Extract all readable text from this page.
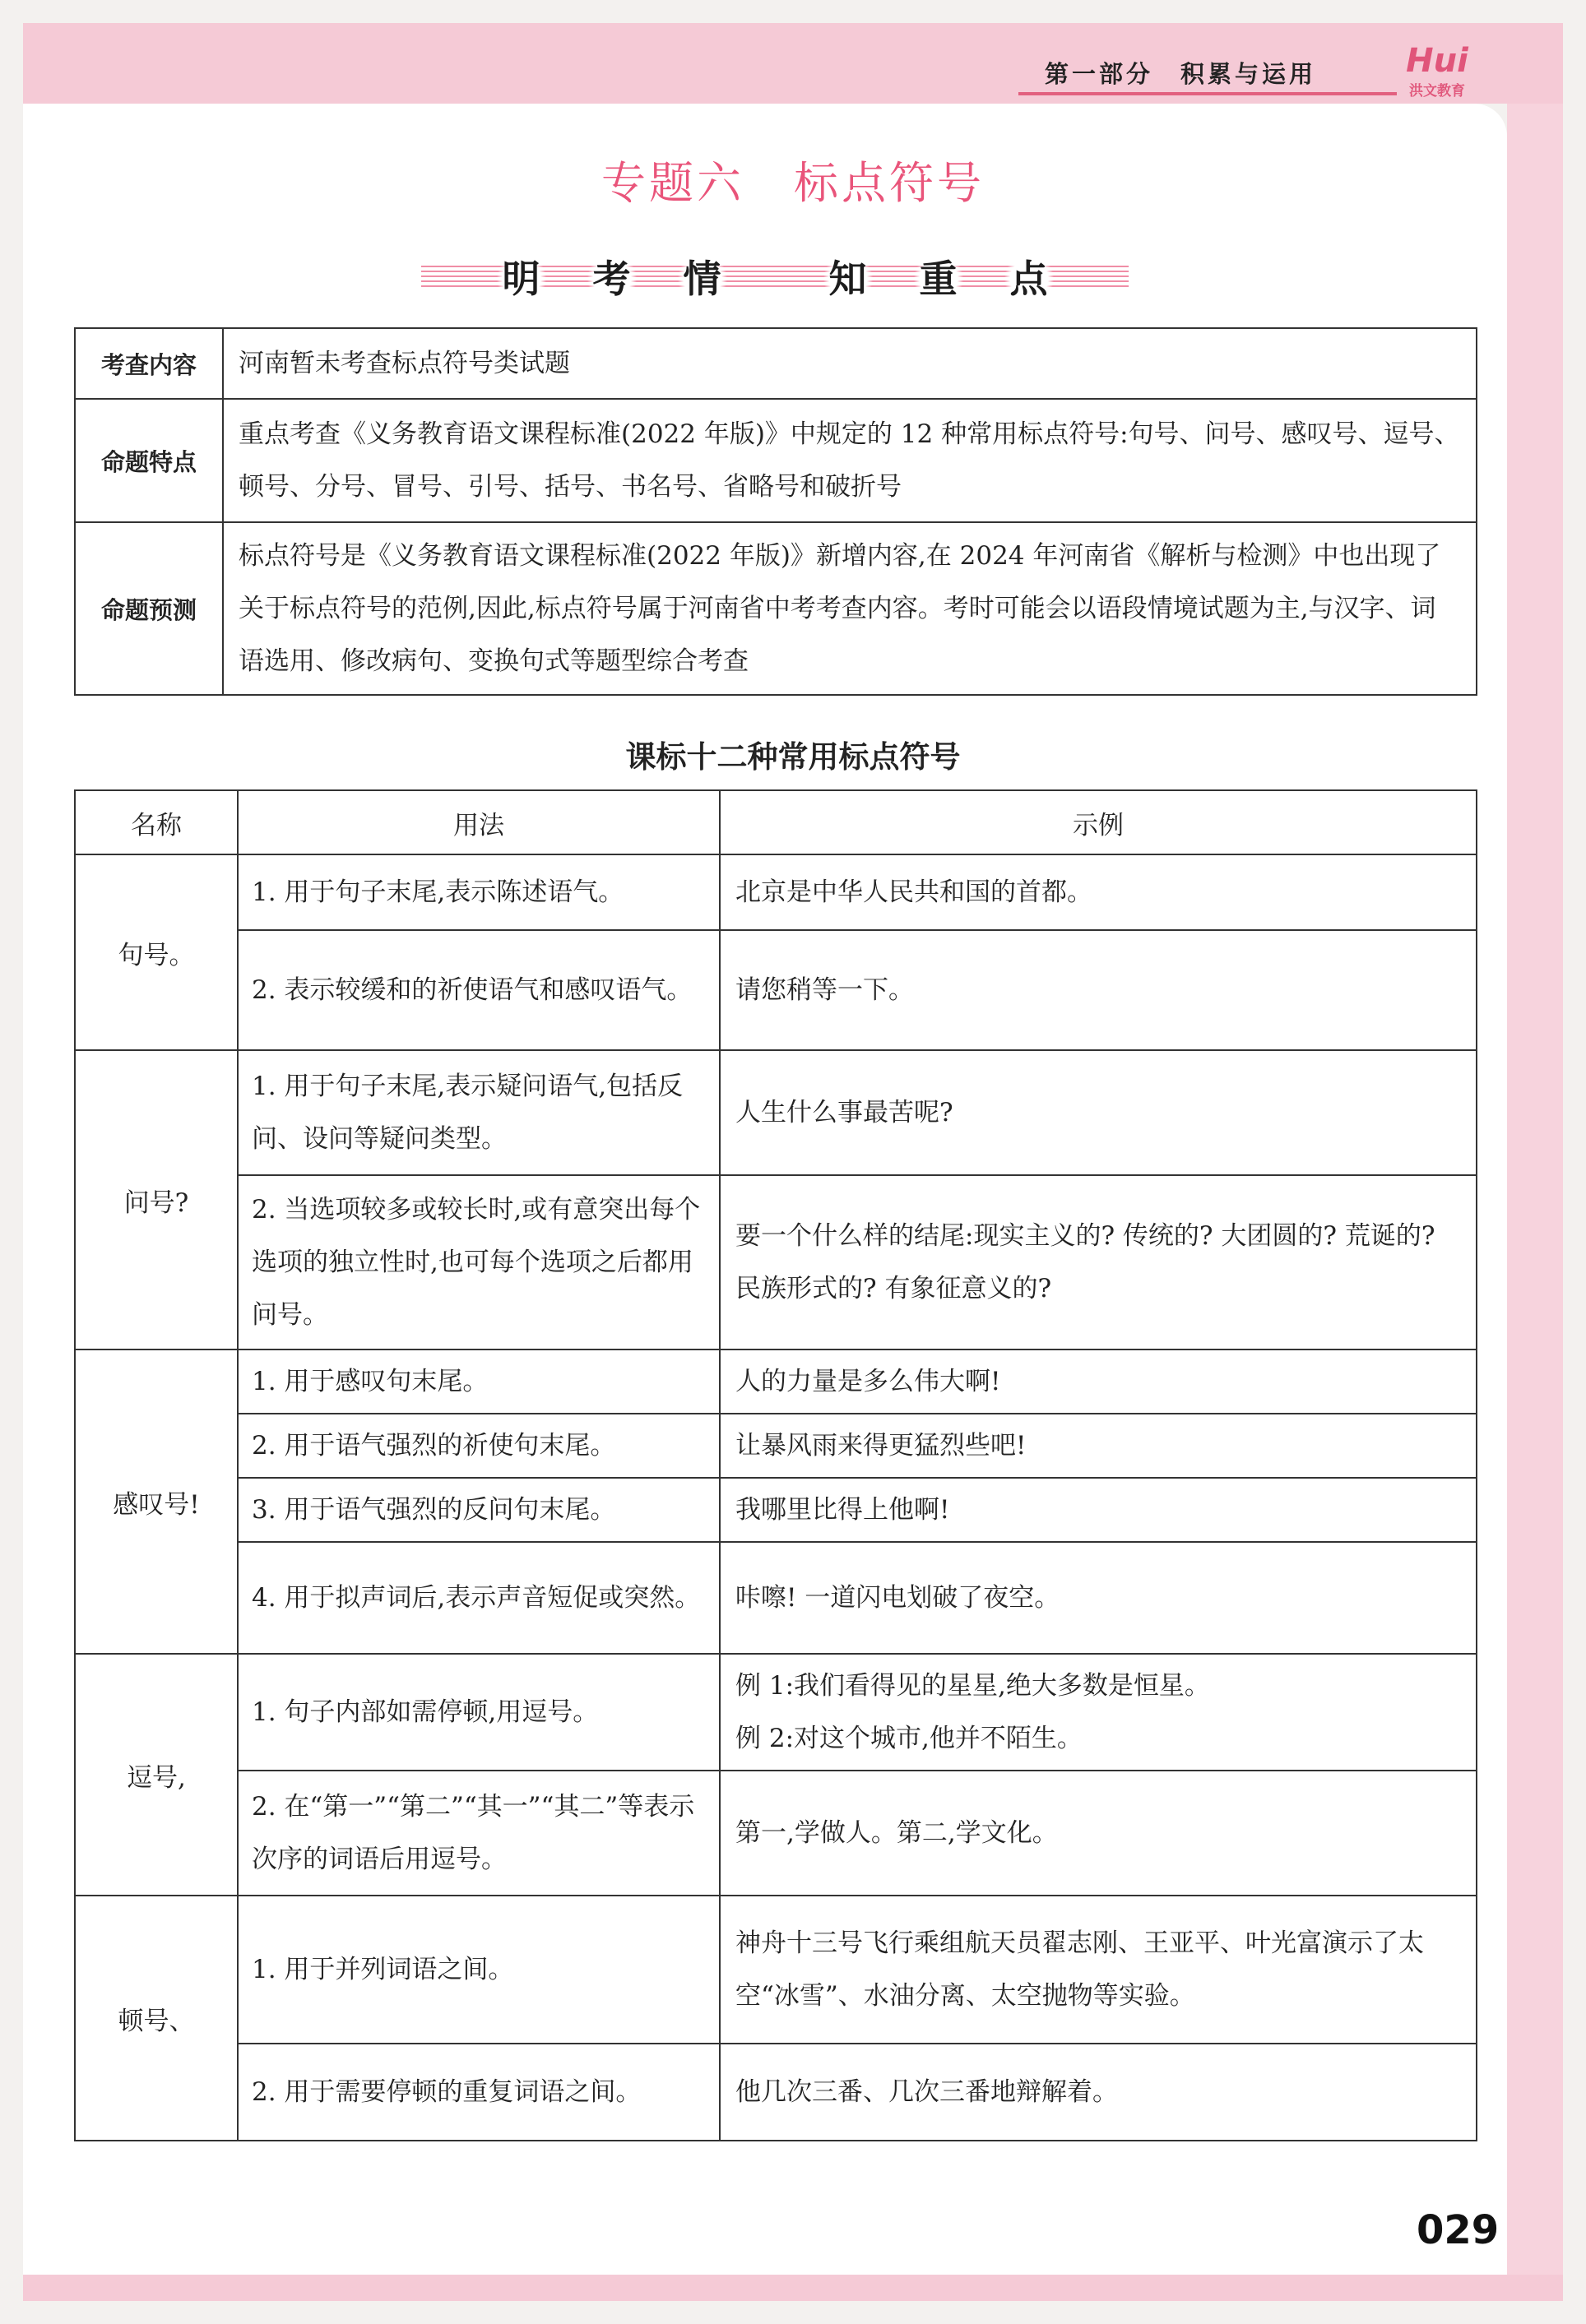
第一部分　积累与运用	Hui
洪文教育
专题六 标点符号
明 考 情	知 重 点
考查内容	河南暂未考查标点符号类试题
命题特点	重点考查《义务教育语文课程标准(2022 年版)》中规定的 12 种常用标点符号:句号、问号、感叹号、逗号、顿号、分号、冒号、引号、括号、书名号、省略号和破折号
命题预测	标点符号是《义务教育语文课程标准(2022 年版)》新增内容,在 2024 年河南省《解析与检测》中也出现了关于标点符号的范例,因此,标点符号属于河南省中考考查内容。考时可能会以语段情境试题为主,与汉字、词语选用、修改病句、变换句式等题型综合考查
课标十二种常用标点符号
名称	用法	示例
句号。	1. 用于句子末尾,表示陈述语气。	北京是中华人民共和国的首都。
	2. 表示较缓和的祈使语气和感叹语气。	请您稍等一下。
问号?	1. 用于句子末尾,表示疑问语气,包括反问、设问等疑问类型。	人生什么事最苦呢?
	2. 当选项较多或较长时,或有意突出每个选项的独立性时,也可每个选项之后都用问号。	要一个什么样的结尾:现实主义的? 传统的? 大团圆的? 荒诞的? 民族形式的? 有象征意义的?
感叹号!	1. 用于感叹句末尾。	人的力量是多么伟大啊!
	2. 用于语气强烈的祈使句末尾。	让暴风雨来得更猛烈些吧!
	3. 用于语气强烈的反问句末尾。	我哪里比得上他啊!
	4. 用于拟声词后,表示声音短促或突然。	咔嚓! 一道闪电划破了夜空。
逗号,	1. 句子内部如需停顿,用逗号。	例 1:我们看得见的星星,绝大多数是恒星。
例 2:对这个城市,他并不陌生。

	2. 在“第一”“第二”“其一”“其二”等表示次序的词语后用逗号。	第一,学做人。第二,学文化。
顿号、	1. 用于并列词语之间。	神舟十三号飞行乘组航天员翟志刚、王亚平、叶光富演示了太空“冰雪”、水油分离、太空抛物等实验。
	2. 用于需要停顿的重复词语之间。	他几次三番、几次三番地辩解着。
029
